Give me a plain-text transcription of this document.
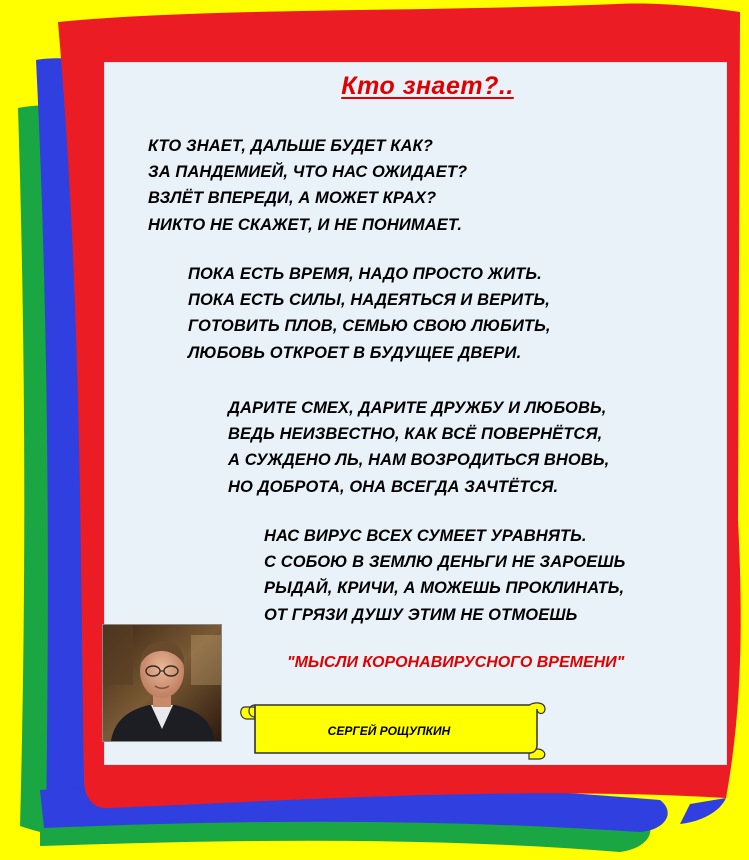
Кто знает?..
КТО ЗНАЕТ, ДАЛЬШЕ БУДЕТ КАК?
ЗА ПАНДЕМИЕЙ, ЧТО НАС ОЖИДАЕТ?
ВЗЛЁТ ВПЕРЕДИ, А МОЖЕТ КРАХ?
НИКТО НЕ СКАЖЕТ, И НЕ ПОНИМАЕТ.
ПОКА ЕСТЬ ВРЕМЯ, НАДО ПРОСТО ЖИТЬ.
ПОКА ЕСТЬ СИЛЫ, НАДЕЯТЬСЯ И ВЕРИТЬ,
ГОТОВИТЬ ПЛОВ, СЕМЬЮ СВОЮ ЛЮБИТЬ,
ЛЮБОВЬ ОТКРОЕТ В БУДУЩЕЕ ДВЕРИ.
ДАРИТЕ СМЕХ, ДАРИТЕ ДРУЖБУ И ЛЮБОВЬ,
ВЕДЬ НЕИЗВЕСТНО, КАК ВСЁ ПОВЕРНЁТСЯ,
А СУЖДЕНО ЛЬ, НАМ ВОЗРОДИТЬСЯ ВНОВЬ,
НО ДОБРОТА, ОНА ВСЕГДА ЗАЧТЁТСЯ.
НАС ВИРУС ВСЕХ СУМЕЕТ УРАВНЯТЬ.
С СОБОЮ В ЗЕМЛЮ ДЕНЬГИ НЕ ЗАРОЕШЬ
РЫДАЙ, КРИЧИ, А МОЖЕШЬ ПРОКЛИНАТЬ,
ОТ ГРЯЗИ ДУШУ ЭТИМ НЕ ОТМОЕШЬ
"МЫСЛИ КОРОНАВИРУСНОГО ВРЕМЕНИ"
СЕРГЕЙ РОЩУПКИН
